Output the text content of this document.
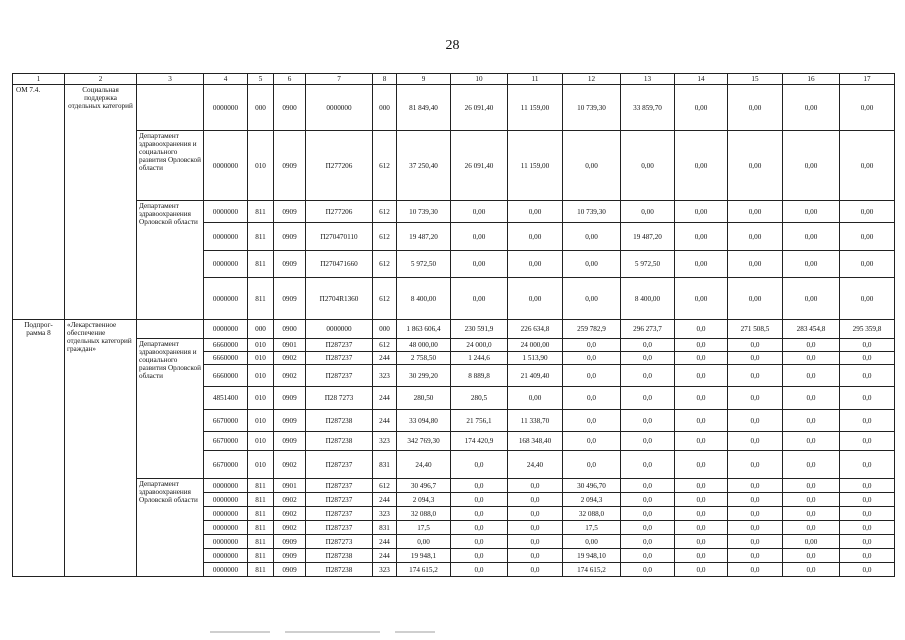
28
1	2	3	4	5	6	7	8	9	10	11	12	13	14	15	16	17
ОМ 7.4.	Социальная поддержка отдельных категорий		0000000	000	0900	0000000	000	81 849,40	26 091,40	11 159,00	10 739,30	33 859,70	0,00	0,00	0,00	0,00
		Департамент здравоохранения и социального развития Орловской области	0000000	010	0909	П277206	612	37 250,40	26 091,40	11 159,00	0,00	0,00	0,00	0,00	0,00	0,00
		Департамент здравоохранения Орловской области	0000000	811	0909	П277206	612	10 739,30	0,00	0,00	10 739,30	0,00	0,00	0,00	0,00	0,00
			0000000	811	0909	П270470110	612	19 487,20	0,00	0,00	0,00	19 487,20	0,00	0,00	0,00	0,00
			0000000	811	0909	П270471660	612	5 972,50	0,00	0,00	0,00	5 972,50	0,00	0,00	0,00	0,00
			0000000	811	0909	П2704R1360	612	8 400,00	0,00	0,00	0,00	8 400,00	0,00	0,00	0,00	0,00
Подпрог- рамма 8	«Лекарственное обеспечение отдельных категорий граждан»		0000000	000	0900	0000000	000	1 863 606,4	230 591,9	226 634,8	259 782,9	296 273,7	0,0	271 508,5	283 454,8	295 359,8
		Департамент здравоохранения и социального развития Орловской области	6660000	010	0901	П287237	612	48 000,00	24 000,0	24 000,00	0,0	0,0	0,0	0,0	0,0	0,0
			6660000	010	0902	П287237	244	2 758,50	1 244,6	1 513,90	0,0	0,0	0,0	0,0	0,0	0,0
			6660000	010	0902	П287237	323	30 299,20	8 889,8	21 409,40	0,0	0,0	0,0	0,0	0,0	0,0
			4851400	010	0909	П28 7273	244	280,50	280,5	0,00	0,0	0,0	0,0	0,0	0,0	0,0
			6670000	010	0909	П287238	244	33 094,80	21 756,1	11 338,70	0,0	0,0	0,0	0,0	0,0	0,0
			6670000	010	0909	П287238	323	342 769,30	174 420,9	168 348,40	0,0	0,0	0,0	0,0	0,0	0,0
			6670000	010	0902	П287237	831	24,40	0,0	24,40	0,0	0,0	0,0	0,0	0,0	0,0
		Департамент здравоохранения Орловской области	0000000	811	0901	П287237	612	30 496,7	0,0	0,0	30 496,70	0,0	0,0	0,0	0,0	0,0
			0000000	811	0902	П287237	244	2 094,3	0,0	0,0	2 094,3	0,0	0,0	0,0	0,0	0,0
			0000000	811	0902	П287237	323	32 088,0	0,0	0,0	32 088,0	0,0	0,0	0,0	0,0	0,0
			0000000	811	0902	П287237	831	17,5	0,0	0,0	17,5	0,0	0,0	0,0	0,0	0,0
			0000000	811	0909	П287273	244	0,00	0,0	0,0	0,00	0,0	0,0	0,0	0,00	0,0
			0000000	811	0909	П287238	244	19 948,1	0,0	0,0	19 948,10	0,0	0,0	0,0	0,0	0,0
			0000000	811	0909	П287238	323	174 615,2	0,0	0,0	174 615,2	0,0	0,0	0,0	0,0	0,0
